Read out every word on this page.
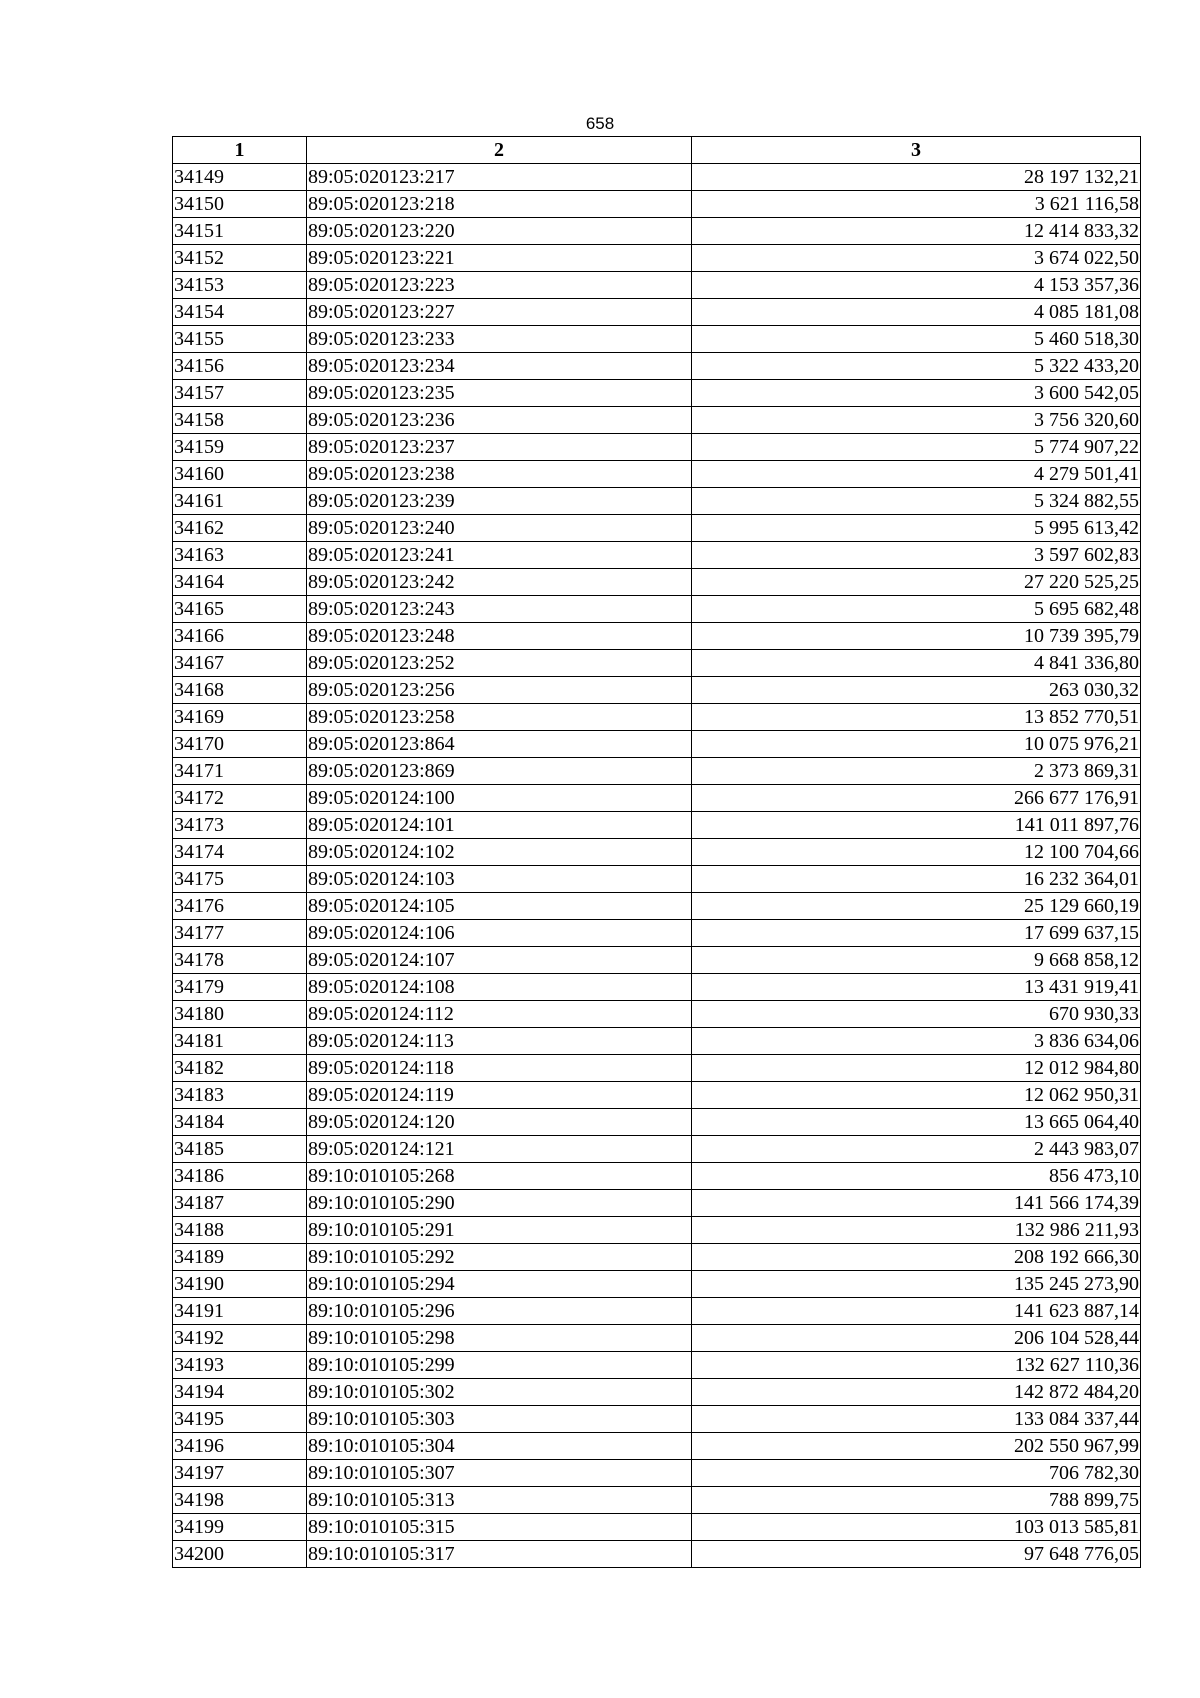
658
1	2	3
34149	89:05:020123:217	28 197 132,21
34150	89:05:020123:218	3 621 116,58
34151	89:05:020123:220	12 414 833,32
34152	89:05:020123:221	3 674 022,50
34153	89:05:020123:223	4 153 357,36
34154	89:05:020123:227	4 085 181,08
34155	89:05:020123:233	5 460 518,30
34156	89:05:020123:234	5 322 433,20
34157	89:05:020123:235	3 600 542,05
34158	89:05:020123:236	3 756 320,60
34159	89:05:020123:237	5 774 907,22
34160	89:05:020123:238	4 279 501,41
34161	89:05:020123:239	5 324 882,55
34162	89:05:020123:240	5 995 613,42
34163	89:05:020123:241	3 597 602,83
34164	89:05:020123:242	27 220 525,25
34165	89:05:020123:243	5 695 682,48
34166	89:05:020123:248	10 739 395,79
34167	89:05:020123:252	4 841 336,80
34168	89:05:020123:256	263 030,32
34169	89:05:020123:258	13 852 770,51
34170	89:05:020123:864	10 075 976,21
34171	89:05:020123:869	2 373 869,31
34172	89:05:020124:100	266 677 176,91
34173	89:05:020124:101	141 011 897,76
34174	89:05:020124:102	12 100 704,66
34175	89:05:020124:103	16 232 364,01
34176	89:05:020124:105	25 129 660,19
34177	89:05:020124:106	17 699 637,15
34178	89:05:020124:107	9 668 858,12
34179	89:05:020124:108	13 431 919,41
34180	89:05:020124:112	670 930,33
34181	89:05:020124:113	3 836 634,06
34182	89:05:020124:118	12 012 984,80
34183	89:05:020124:119	12 062 950,31
34184	89:05:020124:120	13 665 064,40
34185	89:05:020124:121	2 443 983,07
34186	89:10:010105:268	856 473,10
34187	89:10:010105:290	141 566 174,39
34188	89:10:010105:291	132 986 211,93
34189	89:10:010105:292	208 192 666,30
34190	89:10:010105:294	135 245 273,90
34191	89:10:010105:296	141 623 887,14
34192	89:10:010105:298	206 104 528,44
34193	89:10:010105:299	132 627 110,36
34194	89:10:010105:302	142 872 484,20
34195	89:10:010105:303	133 084 337,44
34196	89:10:010105:304	202 550 967,99
34197	89:10:010105:307	706 782,30
34198	89:10:010105:313	788 899,75
34199	89:10:010105:315	103 013 585,81
34200	89:10:010105:317	97 648 776,05
